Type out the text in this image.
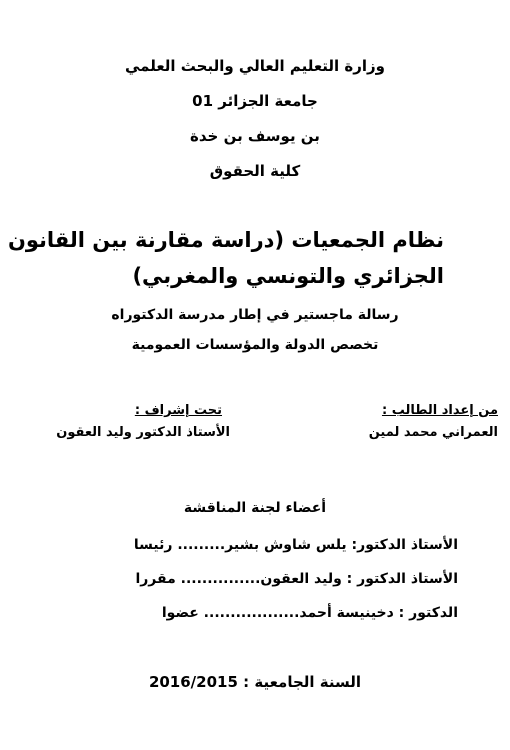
وزارة التعليم العالي والبحث العلمي
جامعة الجزائر 01
بن يوسف بن خدة
كلية الحقوق
نظام الجمعيات (دراسة مقارنة بين القانون
الجزائري والتونسي والمغربي)
رسالة ماجستير في إطار مدرسة الدكتوراه
تخصص الدولة والمؤسسات العمومية
من إعداد الطالب :
العمراني محمد لمين
تحت إشراف :
الأستاذ الدكتور وليد العقون
أعضاء لجنة المناقشة
الأستاذ الدكتور: يلس شاوش بشير......... رئيسا
الأستاذ الدكتور : وليد العقون............... مقررا
الدكتور : دخينيسة أحمد.................. عضوا
السنة الجامعية : 2016/2015
